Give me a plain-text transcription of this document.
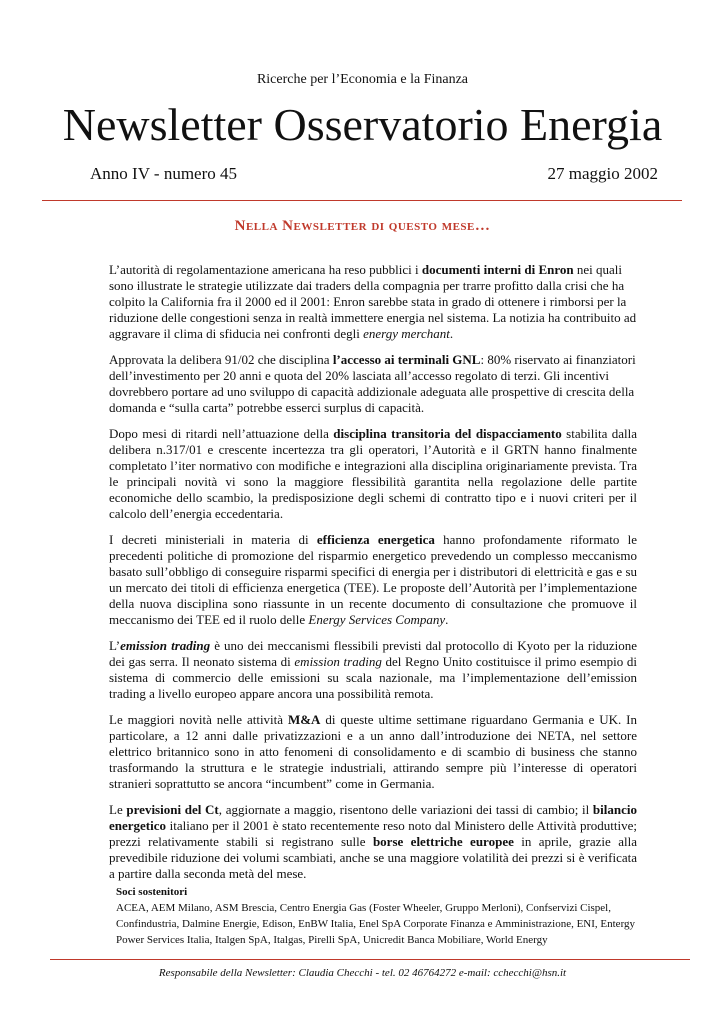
Ricerche per l’Economia e la Finanza
Newsletter Osservatorio Energia
Anno IV - numero 45	27 maggio 2002
Nella Newsletter di questo mese…

L’autorità di regolamentazione americana ha reso pubblici i documenti interni di Enron nei quali sono illustrate le strategie utilizzate dai traders della compagnia per trarre profitto dalla crisi che ha colpito la California fra il 2000 ed il 2001: Enron sarebbe stata in grado di ottenere i rimborsi per la riduzione delle congestioni senza in realtà immettere energia nel sistema. La notizia ha contribuito ad aggravare il clima di sfiducia nei confronti degli energy merchant.

Approvata la delibera 91/02 che disciplina l’accesso ai terminali GNL: 80% riservato ai finanziatori dell’investimento per 20 anni e quota del 20% lasciata all’accesso regolato di terzi. Gli incentivi dovrebbero portare ad uno sviluppo di capacità addizionale adeguata alle prospettive di crescita della domanda e “sulla carta” potrebbe esserci surplus di capacità.

Dopo mesi di ritardi nell’attuazione della disciplina transitoria del dispacciamento stabilita dalla delibera n.317/01 e crescente incertezza tra gli operatori, l’Autorità e il GRTN hanno finalmente completato l’iter normativo con modifiche e integrazioni alla disciplina originariamente prevista. Tra le principali novità vi sono la maggiore flessibilità garantita nella regolazione delle partite economiche dello scambio, la predisposizione degli schemi di contratto tipo e i nuovi criteri per il calcolo dell’energia eccedentaria.

I decreti ministeriali in materia di efficienza energetica hanno profondamente riformato le precedenti politiche di promozione del risparmio energetico prevedendo un complesso meccanismo basato sull’obbligo di conseguire risparmi specifici di energia per i distributori di elettricità e gas e su un mercato dei titoli di efficienza energetica (TEE). Le proposte dell’Autorità per l’implementazione della nuova disciplina sono riassunte in un recente documento di consultazione che promuove il meccanismo dei TEE ed il ruolo delle Energy Services Company.

L’emission trading è uno dei meccanismi flessibili previsti dal protocollo di Kyoto per la riduzione dei gas serra. Il neonato sistema di emission trading del Regno Unito costituisce il primo esempio di sistema di commercio delle emissioni su scala nazionale, ma l’implementazione dell’emission trading a livello europeo appare ancora una possibilità remota.

Le maggiori novità nelle attività M&A di queste ultime settimane riguardano Germania e UK. In particolare, a 12 anni dalle privatizzazioni e a un anno dall’introduzione dei NETA, nel settore elettrico britannico sono in atto fenomeni di consolidamento e di scambio di business che stanno trasformando la struttura e le strategie industriali, attirando sempre più l’interesse di operatori stranieri soprattutto se ancora “incumbent” come in Germania.

Le previsioni del Ct, aggiornate a maggio, risentono delle variazioni dei tassi di cambio; il bilancio energetico italiano per il 2001 è stato recentemente reso noto dal Ministero delle Attività produttive; prezzi relativamente stabili si registrano sulle borse elettriche europee in aprile, grazie alla prevedibile riduzione dei volumi scambiati, anche se una maggiore volatilità dei prezzi si è verificata a partire dalla seconda metà del mese.

Soci sostenitori
ACEA, AEM Milano, ASM Brescia, Centro Energia Gas (Foster Wheeler, Gruppo Merloni), Confservizi Cispel, Confindustria, Dalmine Energie, Edison, EnBW Italia, Enel SpA Corporate Finanza e Amministrazione, ENI, Entergy Power Services Italia, Italgen SpA, Italgas, Pirelli SpA, Unicredit Banca Mobiliare, World Energy
Responsabile della Newsletter: Claudia Checchi - tel. 02 46764272 e-mail: cchecchi@hsn.it
